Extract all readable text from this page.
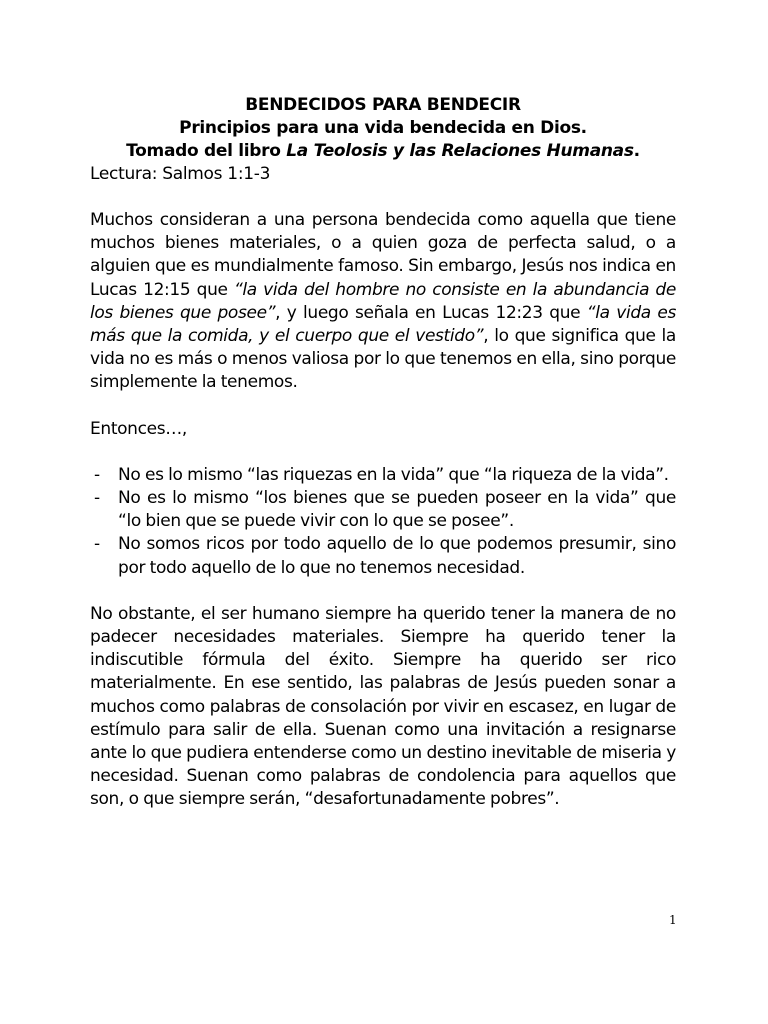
BENDECIDOS PARA BENDECIR
Principios para una vida bendecida en Dios.
Tomado del libro La Teolosis y las Relaciones Humanas.
Lectura: Salmos 1:1-3

Muchos consideran a una persona bendecida como aquella que tiene muchos bienes materiales, o a quien goza de perfecta salud, o a alguien que es mundialmente famoso. Sin embargo, Jesús nos indica en Lucas 12:15 que “la vida del hombre no consiste en la abundancia de los bienes que posee”, y luego señala en Lucas 12:23 que “la vida es más que la comida, y el cuerpo que el vestido”, lo que significa que la vida no es más o menos valiosa por lo que tenemos en ella, sino porque simplemente la tenemos.

Entonces…,

- No es lo mismo “las riquezas en la vida” que “la riqueza de la vida”.
- No es lo mismo “los bienes que se pueden poseer en la vida” que “lo bien que se puede vivir con lo que se posee”.
- No somos ricos por todo aquello de lo que podemos presumir, sino por todo aquello de lo que no tenemos necesidad.

No obstante, el ser humano siempre ha querido tener la manera de no padecer necesidades materiales. Siempre ha querido tener la indiscutible fórmula del éxito. Siempre ha querido ser rico materialmente. En ese sentido, las palabras de Jesús pueden sonar a muchos como palabras de consolación por vivir en escasez, en lugar de estímulo para salir de ella. Suenan como una invitación a resignarse ante lo que pudiera entenderse como un destino inevitable de miseria y necesidad. Suenan como palabras de condolencia para aquellos que son, o que siempre serán, “desafortunadamente pobres”.

1
